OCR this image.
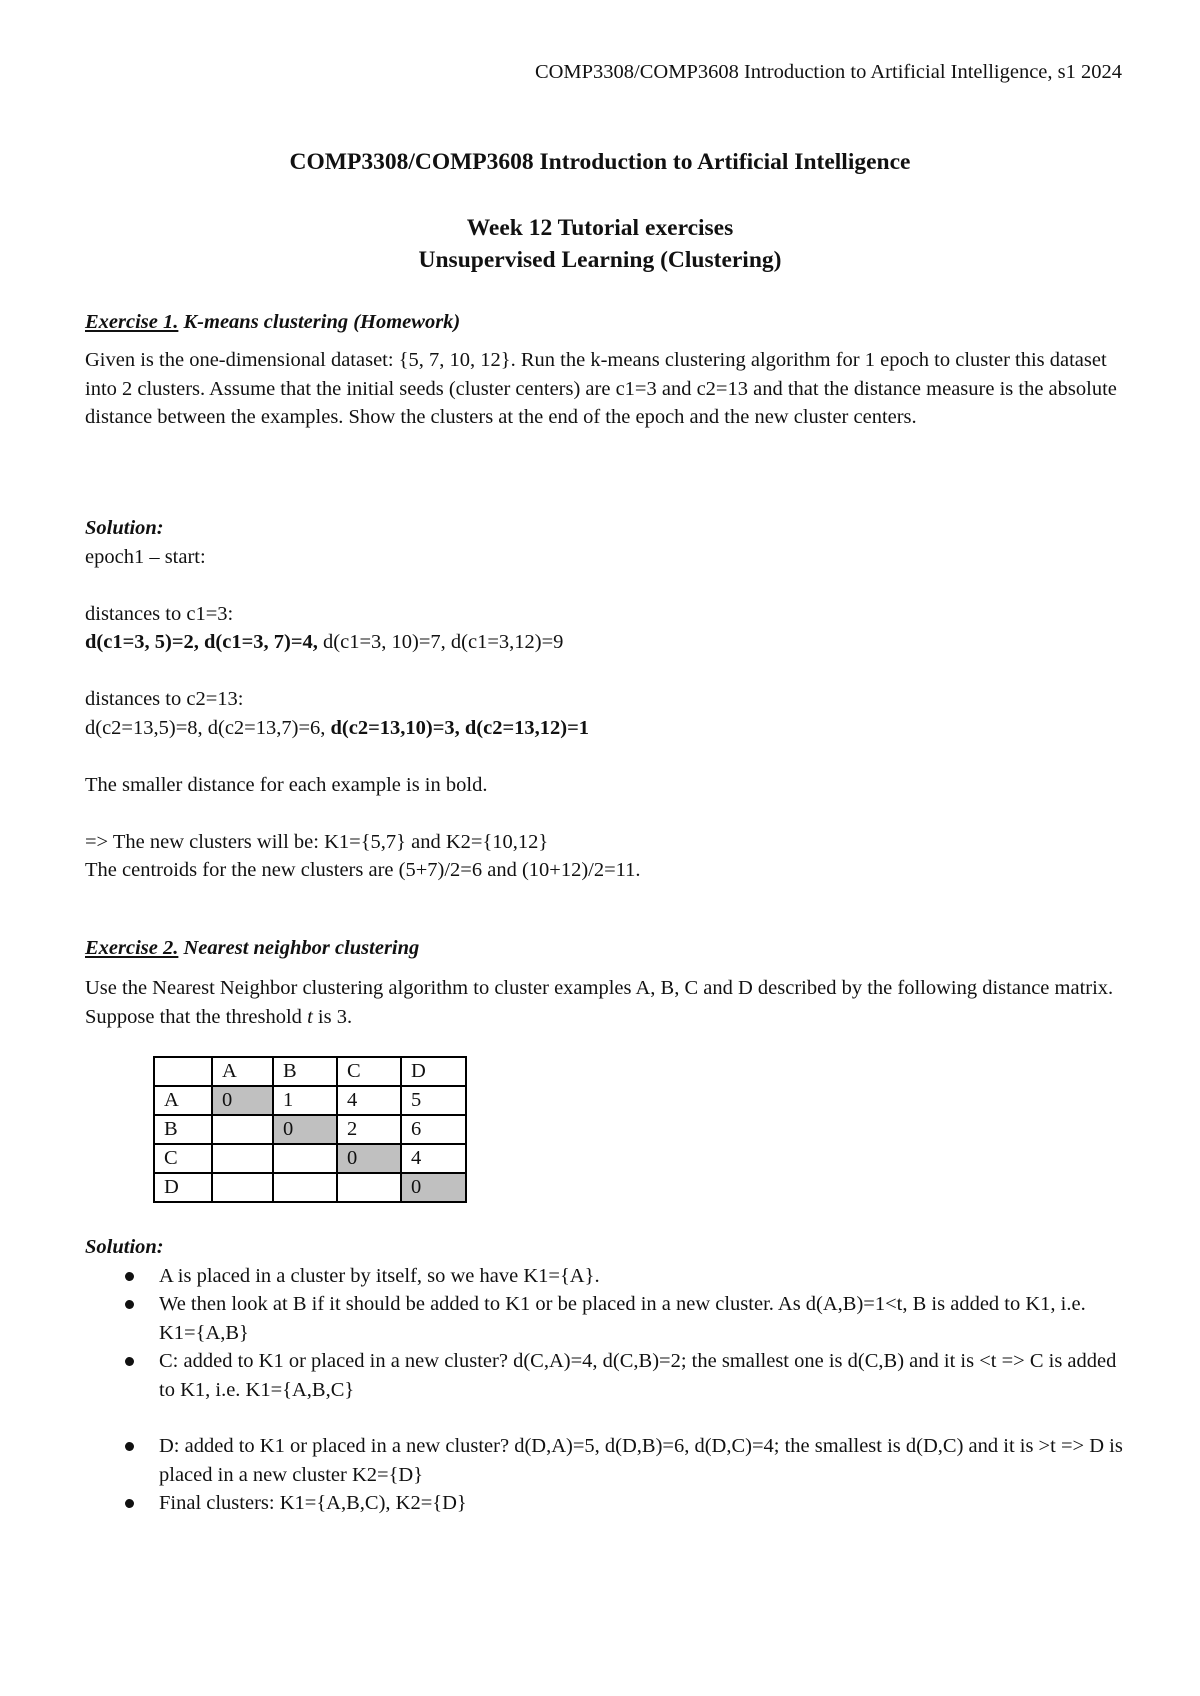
COMP3308/COMP3608 Introduction to Artificial Intelligence, s1 2024
COMP3308/COMP3608 Introduction to Artificial Intelligence
Week 12 Tutorial exercises
Unsupervised Learning (Clustering)
Exercise 1. K-means clustering (Homework)
Given is the one-dimensional dataset: {5, 7, 10, 12}. Run the k-means clustering algorithm for 1 epoch to cluster this dataset into 2 clusters. Assume that the initial seeds (cluster centers) are c1=3 and c2=13 and that the distance measure is the absolute distance between the examples. Show the clusters at the end of the epoch and the new cluster centers.

Solution:

epoch1 – start:

distances to c1=3:

d(c1=3, 5)=2, d(c1=3, 7)=4, d(c1=3, 10)=7, d(c1=3,12)=9

distances to c2=13:

d(c2=13,5)=8, d(c2=13,7)=6, d(c2=13,10)=3, d(c2=13,12)=1

The smaller distance for each example is in bold.

=> The new clusters will be: K1={5,7} and K2={10,12}

The centroids for the new clusters are (5+7)/2=6 and (10+12)/2=11.

Exercise 2. Nearest neighbor clustering
Use the Nearest Neighbor clustering algorithm to cluster examples A, B, C and D described by the following distance matrix. Suppose that the threshold t is 3.
	A	B	C	D
A	0	1	4	5
B		0	2	6
C			0	4
D				0

Solution:

A is placed in a cluster by itself, so we have K1={A}.
We then look at B if it should be added to K1 or be placed in a new cluster. As d(A,B)=1<t, B is added to K1, i.e. K1={A,B}
C: added to K1 or placed in a new cluster? d(C,A)=4, d(C,B)=2; the smallest one is d(C,B) and it is <t => C is added to K1, i.e. K1={A,B,C}
D: added to K1 or placed in a new cluster? d(D,A)=5, d(D,B)=6, d(D,C)=4; the smallest is d(D,C) and it is >t => D is placed in a new cluster K2={D}
Final clusters: K1={A,B,C), K2={D}
